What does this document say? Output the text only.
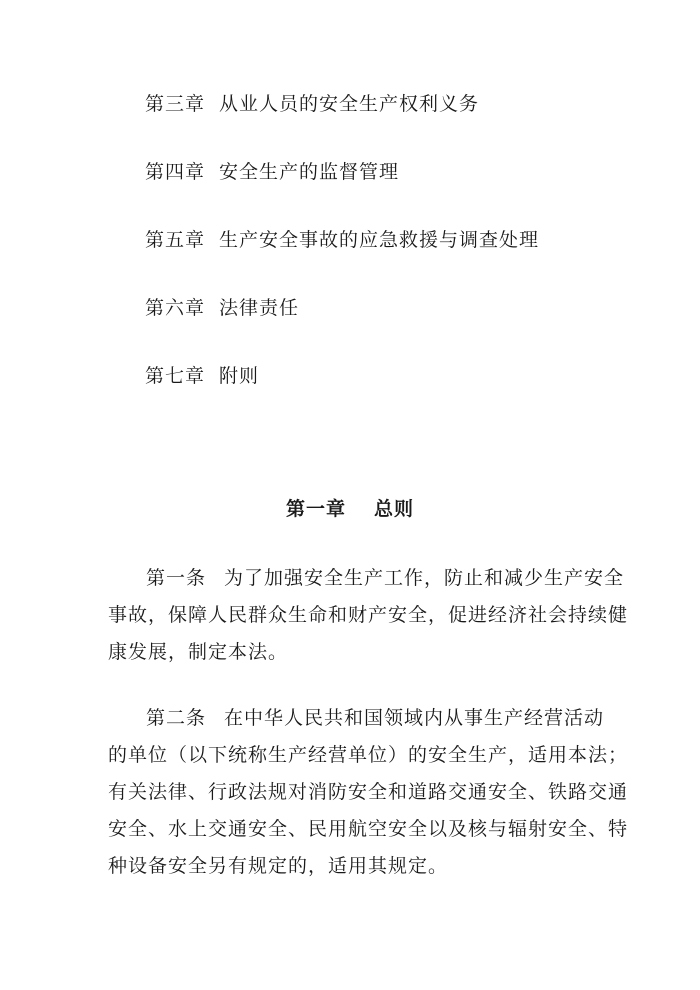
第三章 从业人员的安全生产权利义务
第四章 安全生产的监督管理
第五章 生产安全事故的应急救援与调查处理
第六章 法律责任
第七章 附则
第一章 总则
第一条 为了加强安全生产工作，防止和减少生产安全
事故，保障人民群众生命和财产安全，促进经济社会持续健
康发展，制定本法。
第二条 在中华人民共和国领域内从事生产经营活动
的单位（以下统称生产经营单位）的安全生产，适用本法；
有关法律、行政法规对消防安全和道路交通安全、铁路交通
安全、水上交通安全、民用航空安全以及核与辐射安全、特
种设备安全另有规定的，适用其规定。
